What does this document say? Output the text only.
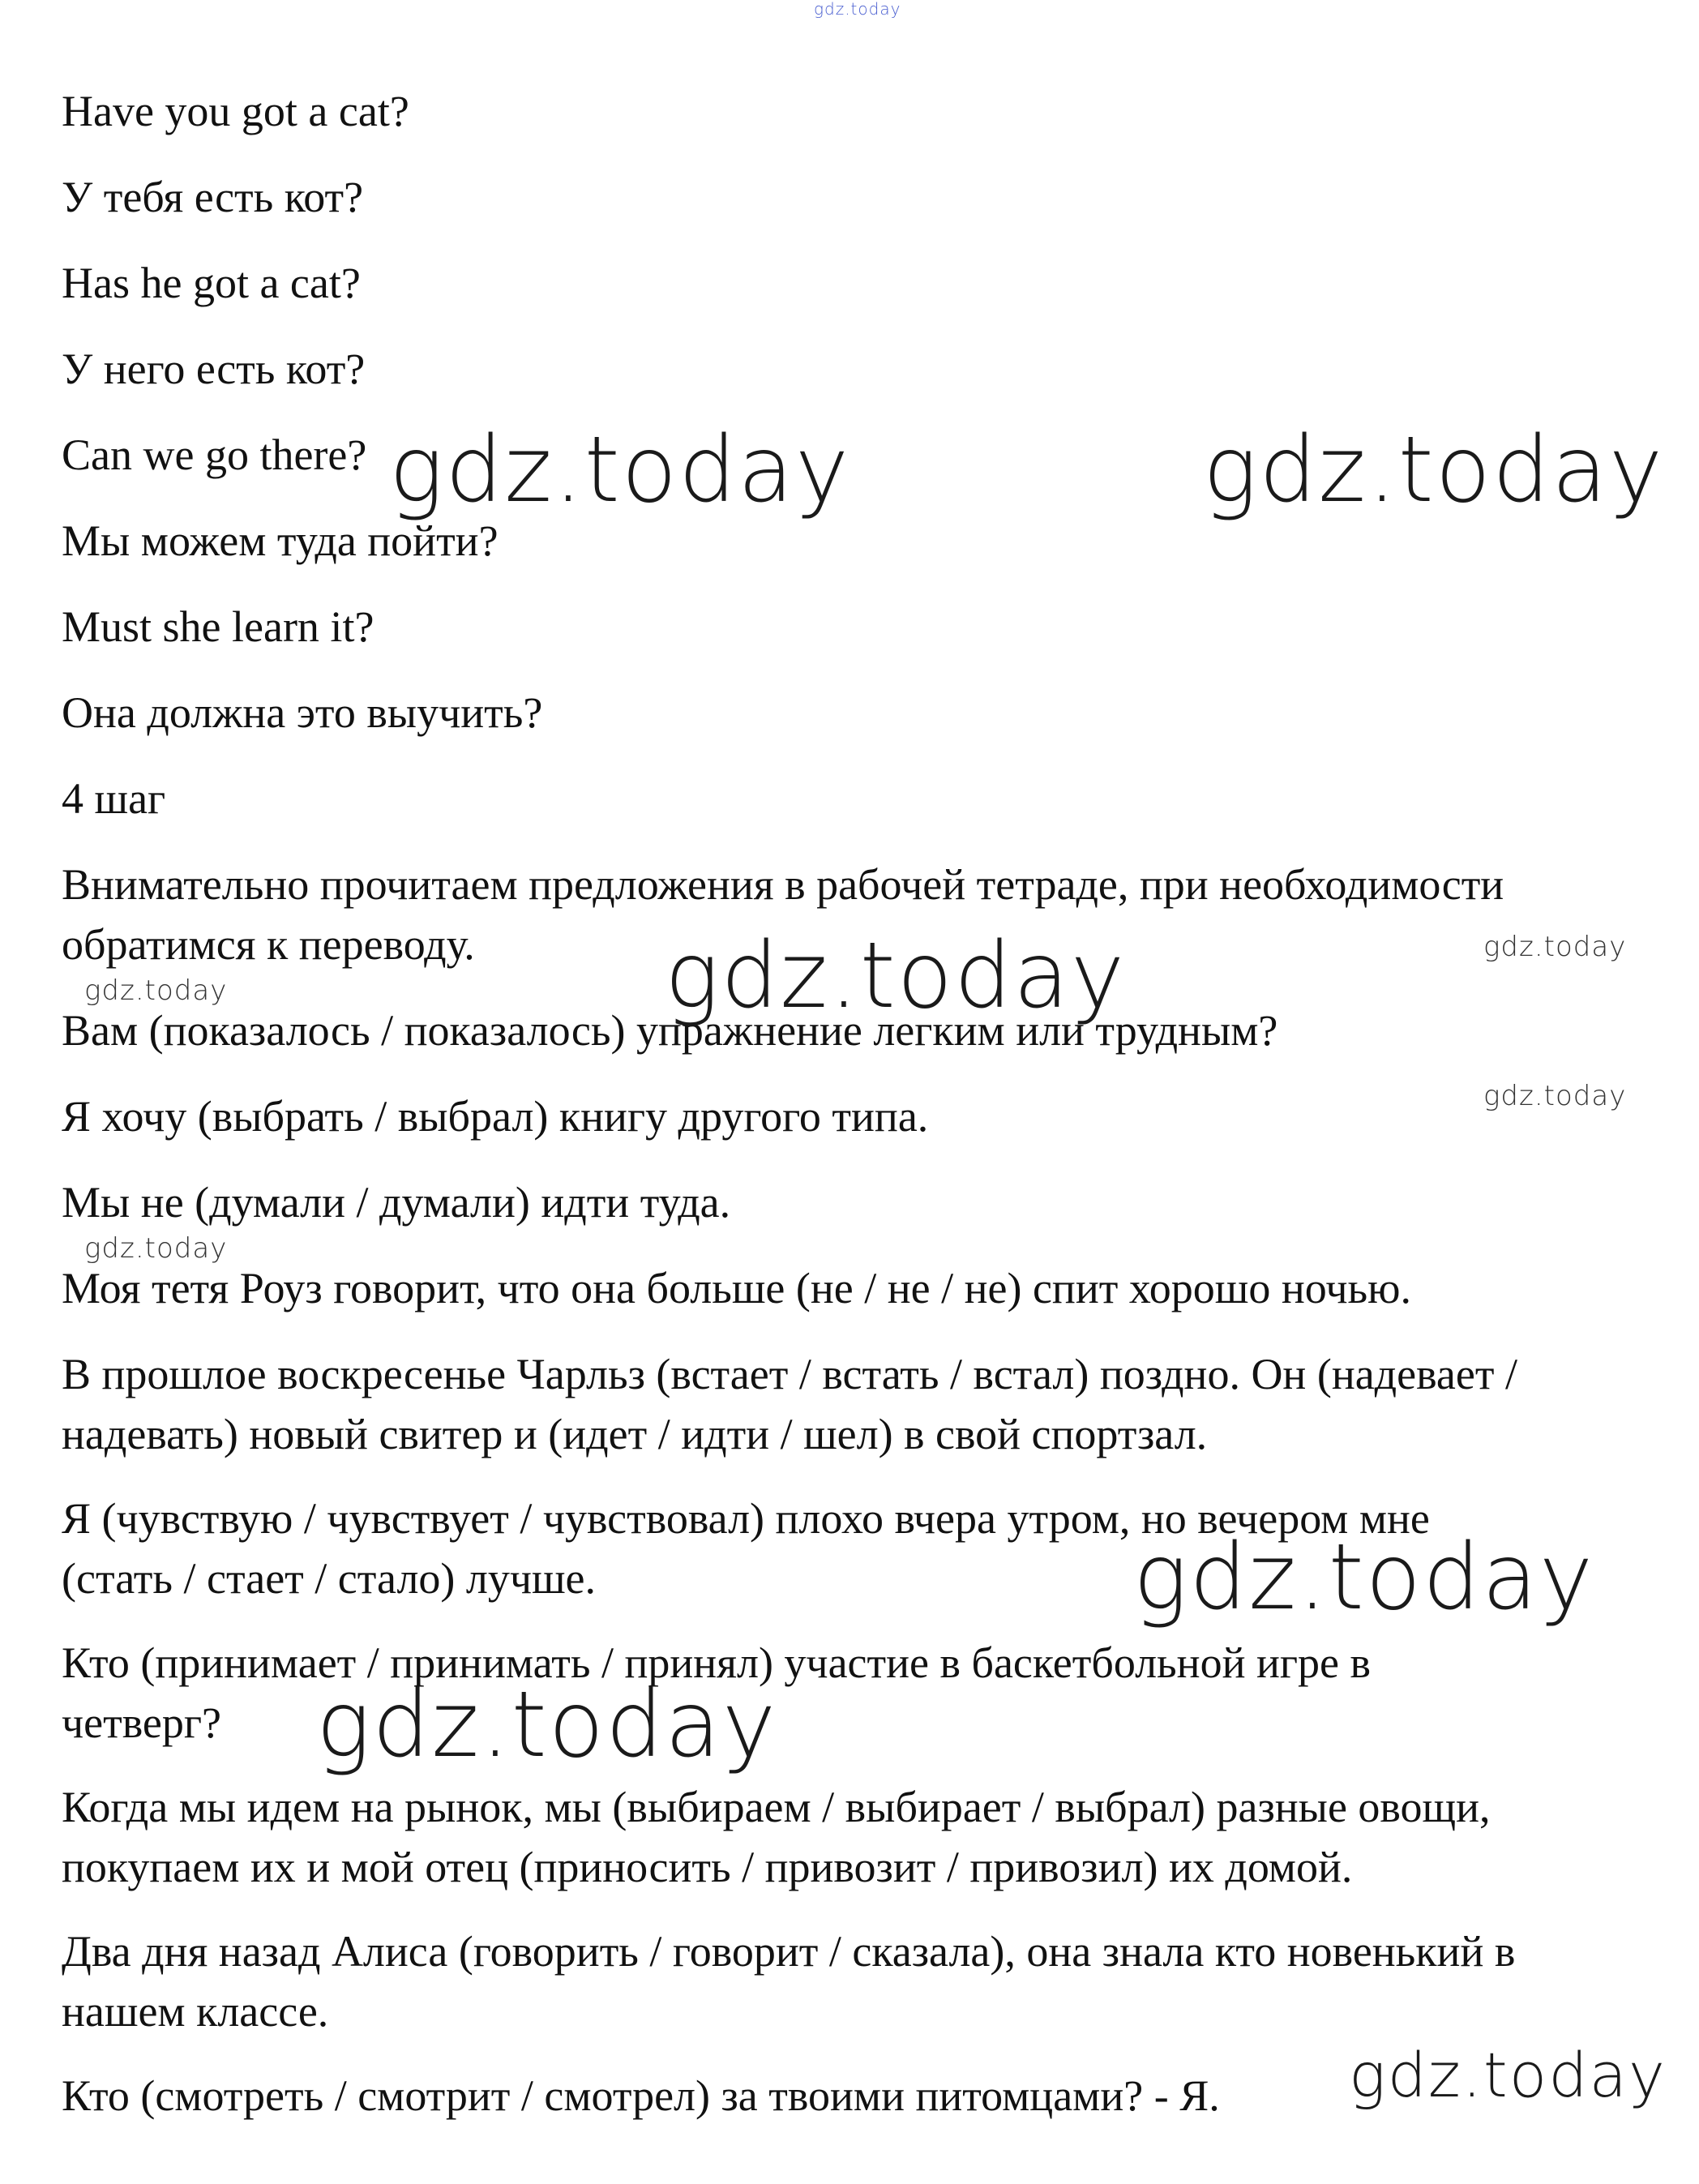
gdz.today

Have you got a cat?

У тебя есть кот?

Has he got a cat?

У него есть кот?

Can we go there?

Мы можем туда пойти?

Must she learn it?

Она должна это выучить?

4 шаг

Внимательно прочитаем предложения в рабочей тетраде, при необходимости

обратимся к переводу.

Вам (показалось / показалось) упражнение легким или трудным?

Я хочу (выбрать / выбрал) книгу другого типа.

Мы не (думали / думали) идти туда.

Моя тетя Роуз говорит, что она больше (не / не / не) спит хорошо ночью.

В прошлое воскресенье Чарльз (встает / встать / встал) поздно. Он (надевает /

надевать) новый свитер и (идет / идти / шел) в свой спортзал.

Я (чувствую / чувствует / чувствовал) плохо вчера утром, но вечером мне

(стать / стает / стало) лучше.

Кто (принимает / принимать / принял) участие в баскетбольной игре в

четверг?

Когда мы идем на рынок, мы (выбираем / выбирает / выбрал) разные овощи,

покупаем их и мой отец (приносить / привозит / привозил) их домой.

Два дня назад Алиса (говорить / говорит / сказала), она знала кто новенький в

нашем классе.

Кто (смотреть / смотрит / смотрел) за твоими питомцами? - Я.

gdz.today	gdz.today
gdz.today
gdz.today
gdz.today
gdz.today
gdz.today
gdz.today
gdz.today
gdz.today
